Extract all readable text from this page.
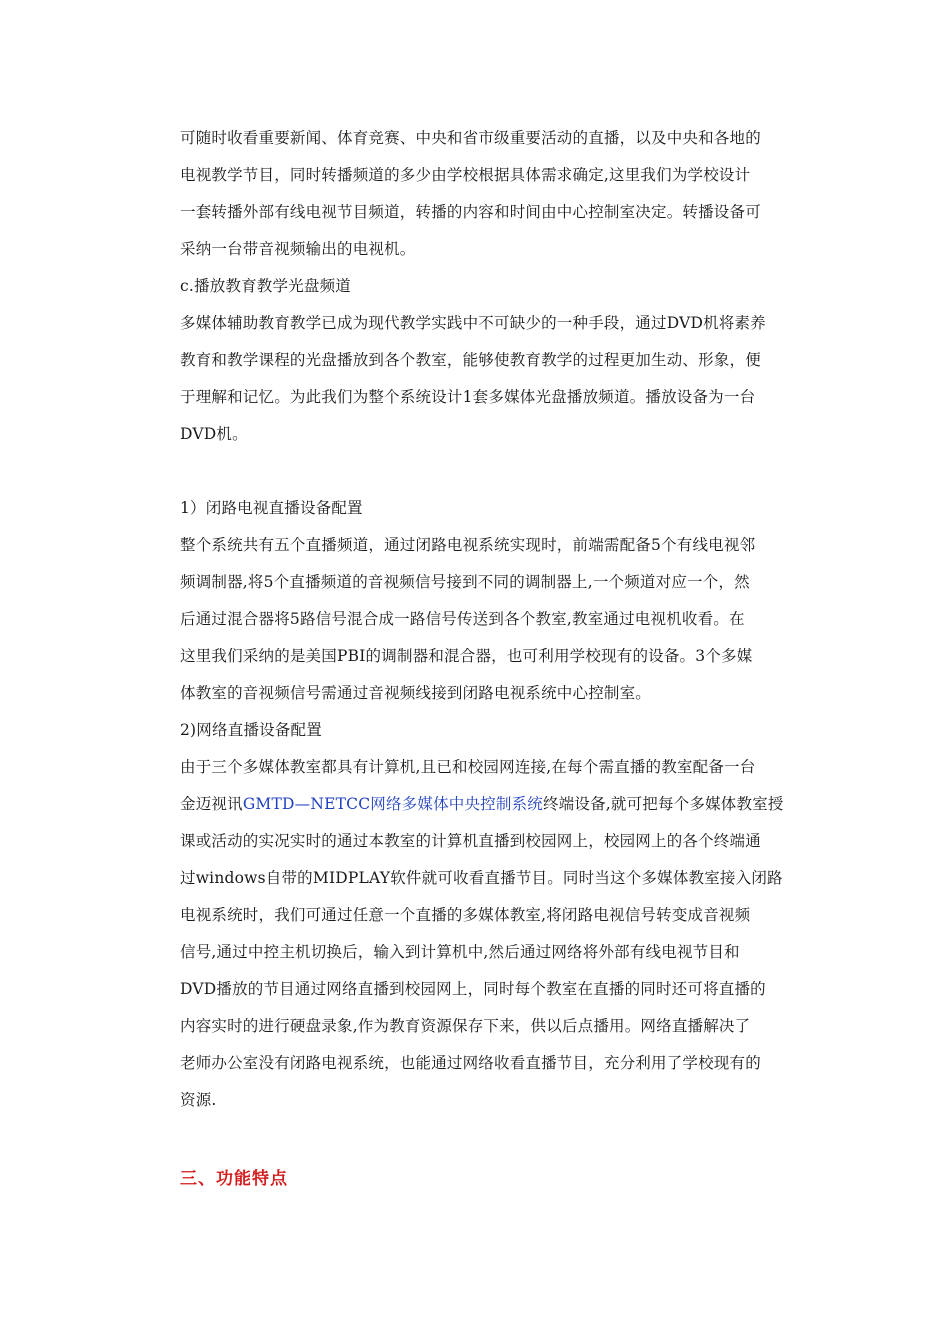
可随时收看重要新闻、体育竞赛、中央和省市级重要活动的直播，以及中央和各地的
电视教学节目，同时转播频道的多少由学校根据具体需求确定,这里我们为学校设计
一套转播外部有线电视节目频道，转播的内容和时间由中心控制室决定。转播设备可
采纳一台带音视频输出的电视机。
c.播放教育教学光盘频道
多媒体辅助教育教学已成为现代教学实践中不可缺少的一种手段，通过DVD机将素养
教育和教学课程的光盘播放到各个教室，能够使教育教学的过程更加生动、形象，便
于理解和记忆。为此我们为整个系统设计1套多媒体光盘播放频道。播放设备为一台
DVD机。
1）闭路电视直播设备配置
整个系统共有五个直播频道，通过闭路电视系统实现时，前端需配备5个有线电视邻
频调制器,将5个直播频道的音视频信号接到不同的调制器上,一个频道对应一个，然
后通过混合器将5路信号混合成一路信号传送到各个教室,教室通过电视机收看。在
这里我们采纳的是美国PBI的调制器和混合器，也可利用学校现有的设备。3个多媒
体教室的音视频信号需通过音视频线接到闭路电视系统中心控制室。
2)网络直播设备配置
由于三个多媒体教室都具有计算机,且已和校园网连接,在每个需直播的教室配备一台
金迈视讯GMTD—NETCC网络多媒体中央控制系统终端设备,就可把每个多媒体教室授
课或活动的实况实时的通过本教室的计算机直播到校园网上，校园网上的各个终端通
过windows自带的MIDPLAY软件就可收看直播节目。同时当这个多媒体教室接入闭路
电视系统时，我们可通过任意一个直播的多媒体教室,将闭路电视信号转变成音视频
信号,通过中控主机切换后，输入到计算机中,然后通过网络将外部有线电视节目和
DVD播放的节目通过网络直播到校园网上，同时每个教室在直播的同时还可将直播的
内容实时的进行硬盘录象,作为教育资源保存下来，供以后点播用。网络直播解决了
老师办公室没有闭路电视系统，也能通过网络收看直播节目，充分利用了学校现有的
资源.
三、功能特点
